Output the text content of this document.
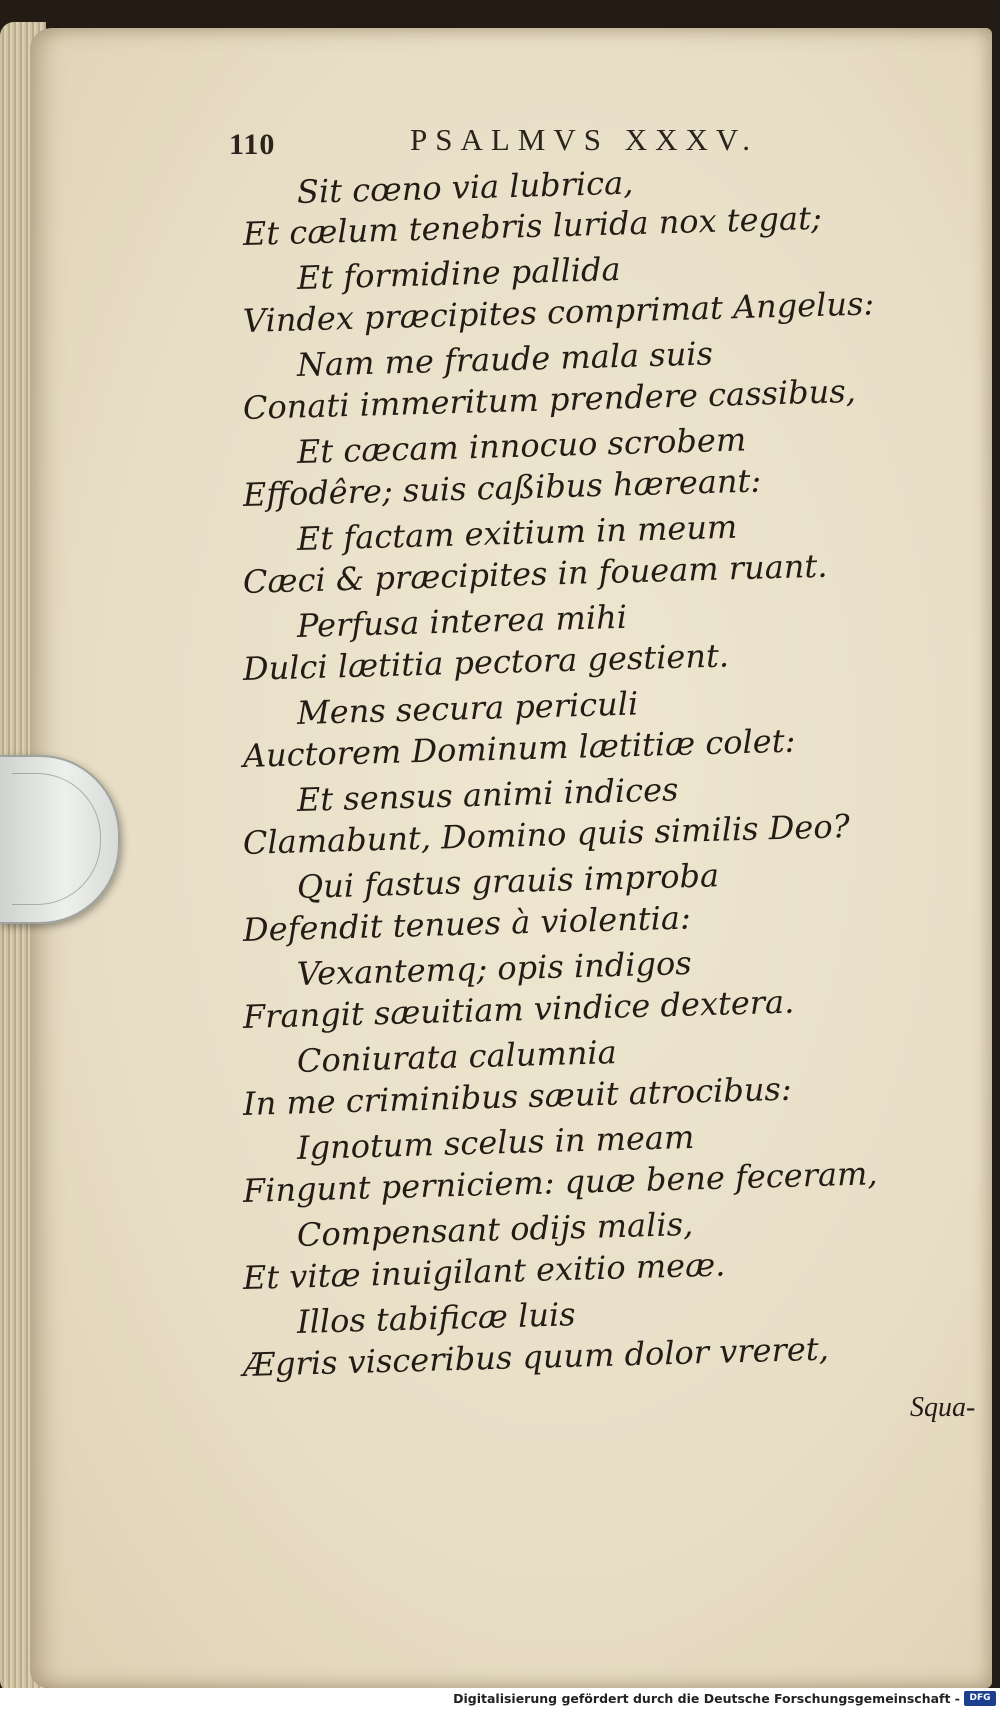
110	PSALMVS XXXV.
Sit cœno via lubrica,
Et cælum tenebris lurida nox tegat;
Et formidine pallida
Vindex præcipites comprimat Angelus:
Nam me fraude mala suis
Conati immeritum prendere cassibus,
Et cæcam innocuo scrobem
Effodêre; suis caßibus hæreant:
Et factam exitium in meum
Cæci & præcipites in foueam ruant.
Perfusa interea mihi
Dulci lætitia pectora gestient.
Mens secura periculi
Auctorem Dominum lætitiæ colet:
Et sensus animi indices
Clamabunt, Domino quis similis Deo?
Qui fastus grauis improba
Defendit tenues à violentia:
Vexantemq; opis indigos
Frangit sæuitiam vindice dextera.
Coniurata calumnia
In me criminibus sæuit atrocibus:
Ignotum scelus in meam
Fingunt perniciem: quæ bene feceram,
Compensant odijs malis,
Et vitæ inuigilant exitio meæ.
Illos tabificæ luis
Ægris visceribus quum dolor vreret,
Squa-
Digitalisierung gefördert durch die Deutsche Forschungsgemeinschaft -	DFG
